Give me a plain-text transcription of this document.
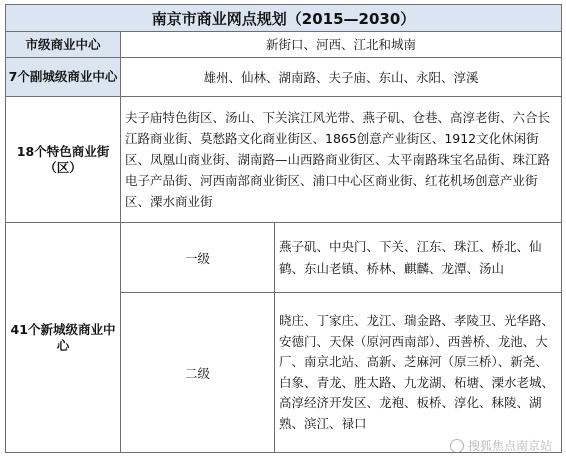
南京市商业网点规划（2015—2030）		
市级商业中心	新街口、河西、江北和城南	
7个副城级商业中心	雄州、仙林、湖南路、夫子庙、东山、永阳、淳溪	
18个特色商业街（区）	夫子庙特色街区、汤山、下关滨江风光带、燕子矶、仓巷、高淳老街、六合长江路商业街、莫愁路文化商业街区、1865创意产业街区、1912文化休闲街区、凤凰山商业街、湖南路—山西路商业街区、太平南路珠宝名品街、珠江路电子产品街、河西南部商业街区、浦口中心区商业街、红花机场创意产业街区、溧水商业街	
41个新城级商业中心	一级	燕子矶、中央门、下关、江东、珠江、桥北、仙鹤、东山老镇、桥林、麒麟、龙潭、汤山
	二级	晓庄、丁家庄、龙江、瑞金路、孝陵卫、光华路、安德门、天保（原河西南部）、西善桥、龙池、大厂、南京北站、高新、芝麻河（原三桥）、新尧、白象、青龙、胜太路、九龙湖、柘塘、溧水老城、高淳经济开发区、龙袍、板桥、淳化、秣陵、湖熟、滨江、禄口
搜狐焦点南京站
